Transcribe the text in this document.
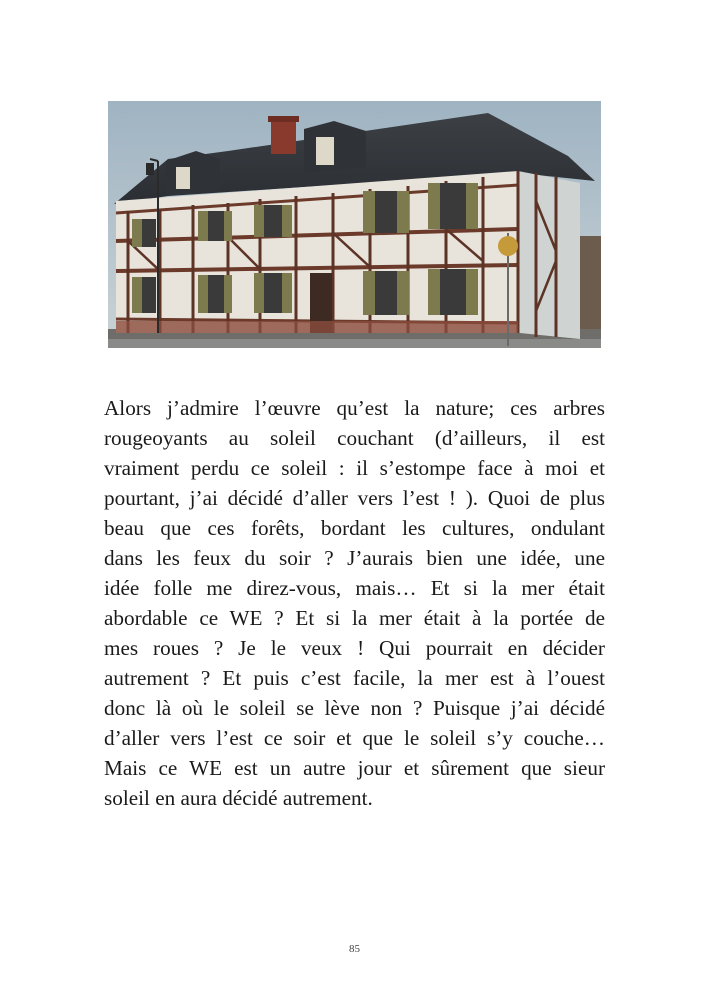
Alors j’admire l’œuvre qu’est la nature; ces arbres
rougeoyants au soleil couchant (d’ailleurs, il est
vraiment perdu ce soleil : il s’estompe face à moi et
pourtant, j’ai décidé d’aller vers l’est ! ). Quoi de plus
beau que ces forêts, bordant les cultures, ondulant
dans les feux du soir ? J’aurais bien une idée, une
idée folle me direz-vous, mais… Et si la mer était
abordable ce WE ? Et si la mer était à la portée de
mes roues ? Je le veux ! Qui pourrait en décider
autrement ? Et puis c’est facile, la mer est à l’ouest
donc là où le soleil se lève non ? Puisque j’ai décidé
d’aller vers l’est ce soir et que le soleil s’y couche…
Mais ce WE est un autre jour et sûrement que sieur
soleil en aura décidé autrement.
85
